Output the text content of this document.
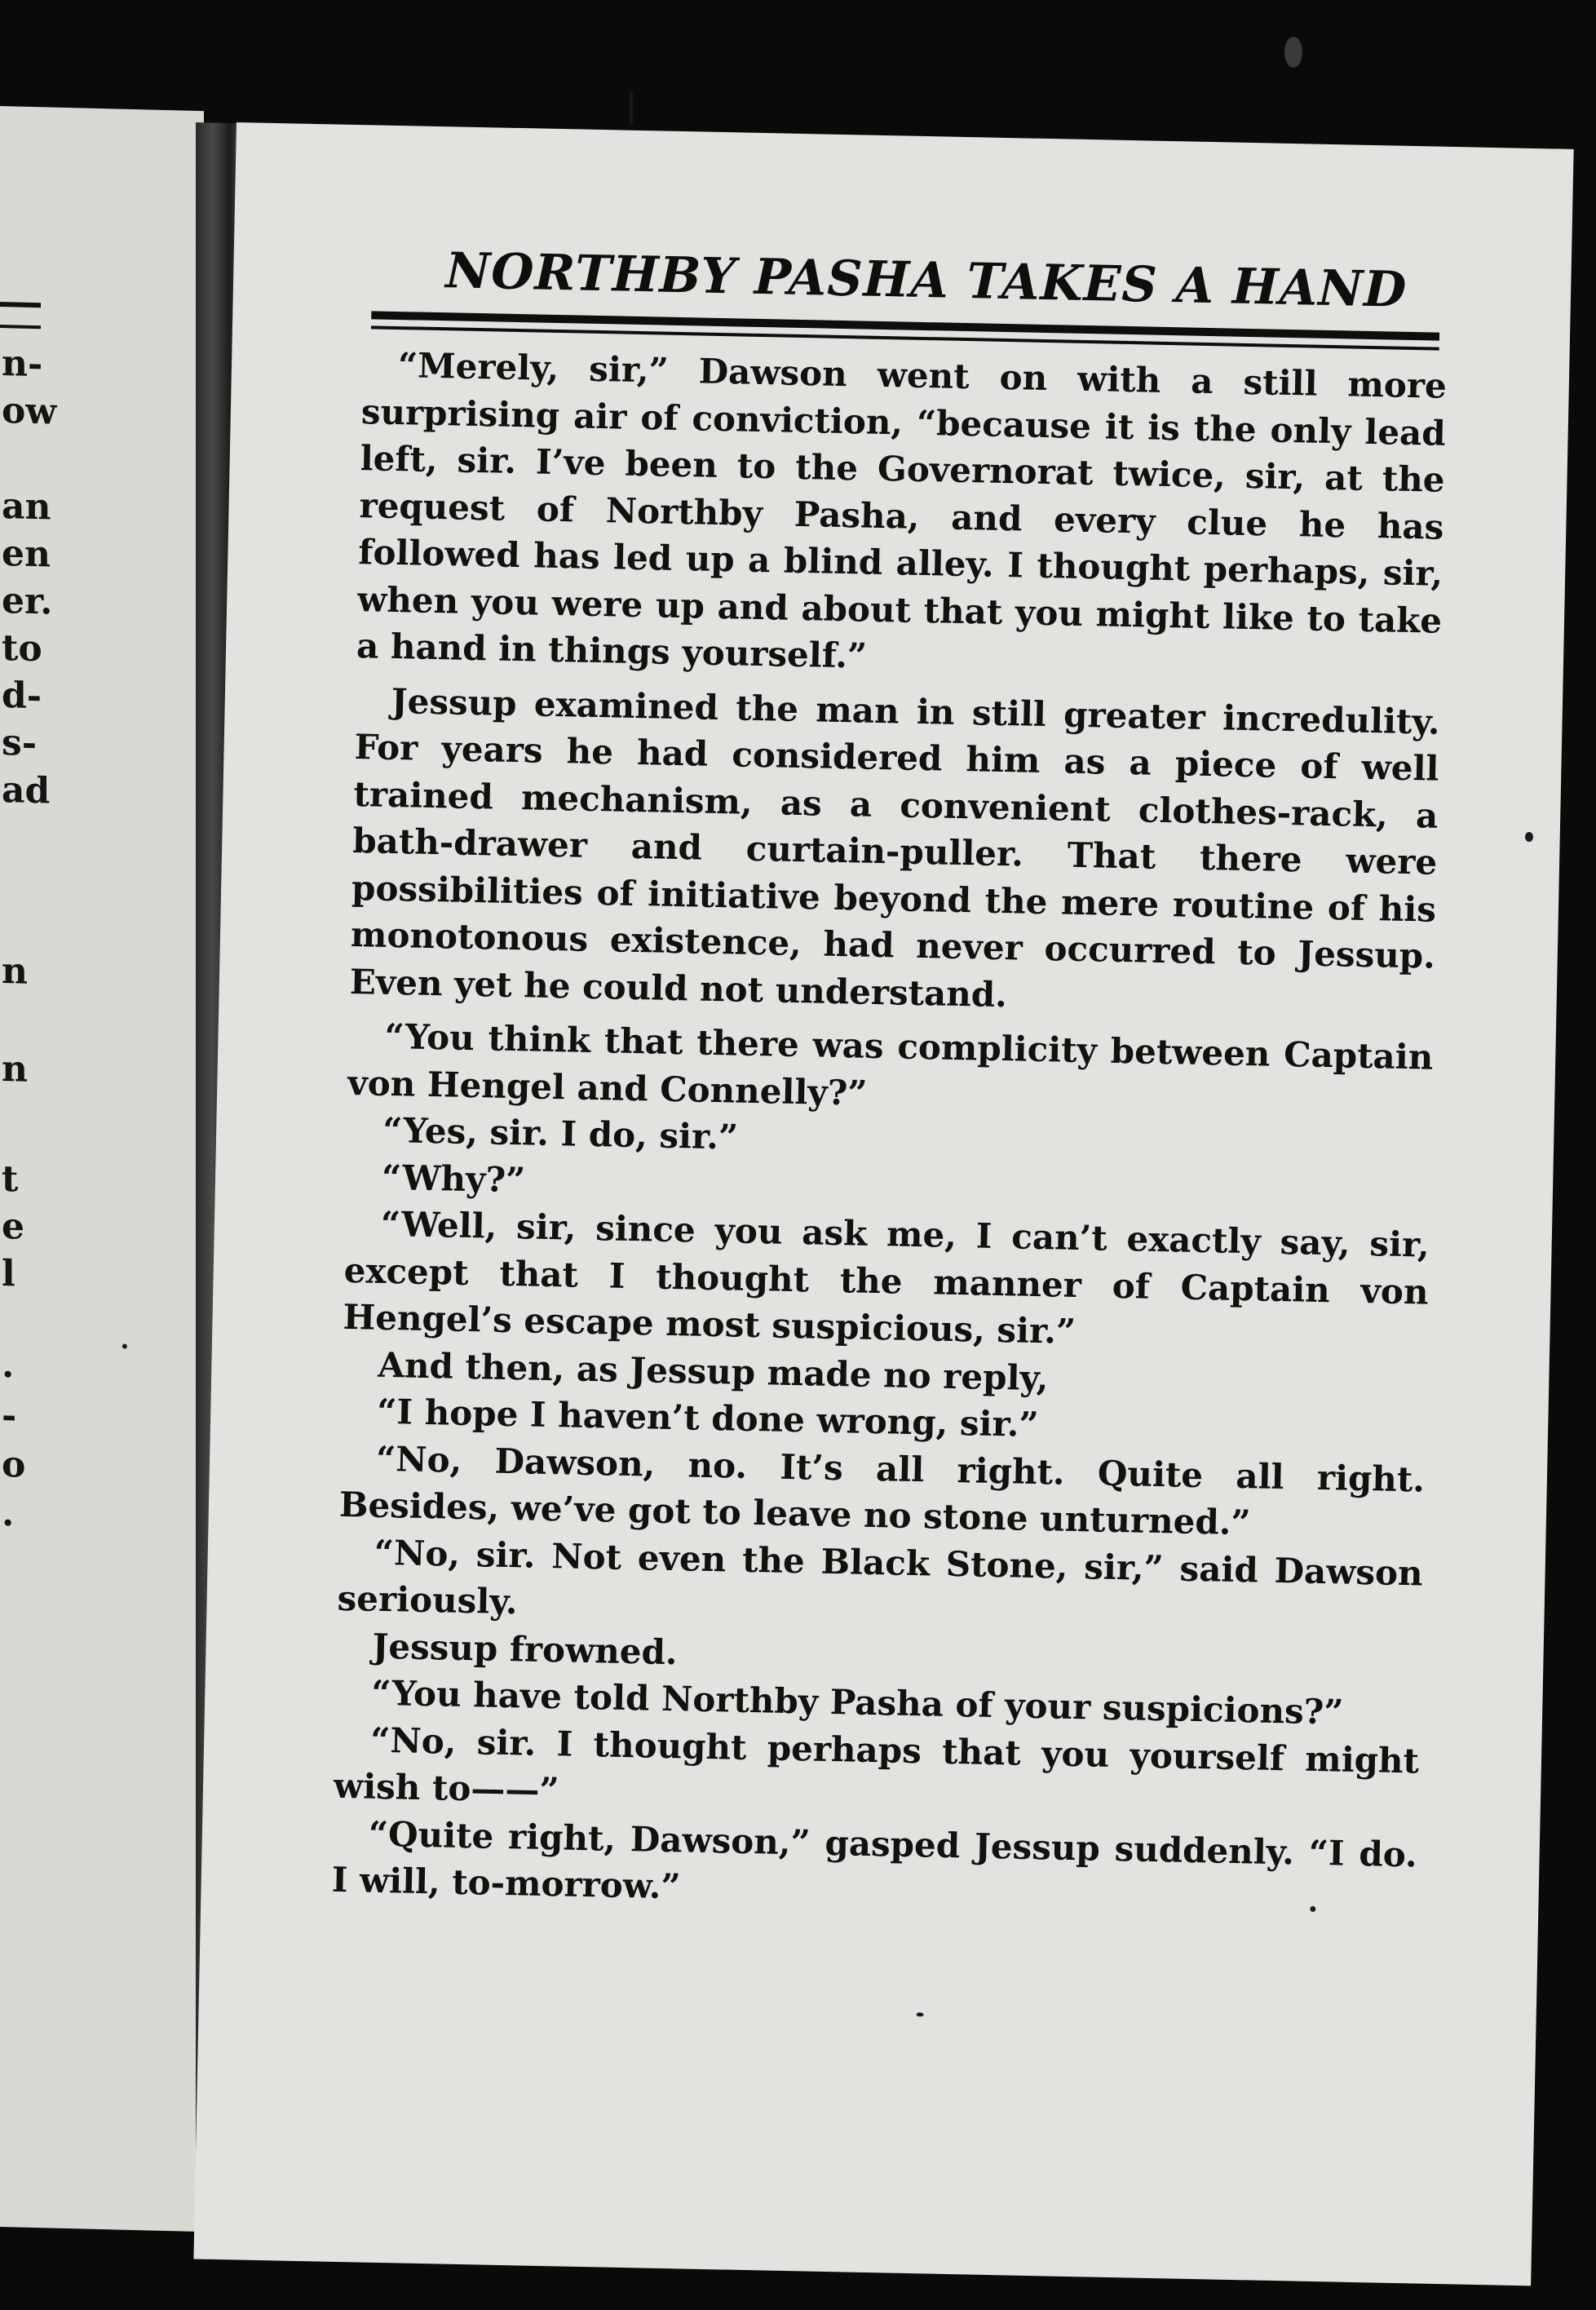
n-
ow
an
en
er.
to
d-
s-
ad
n
n
t
e
l
.
-
o
.
NORTHBY PASHA TAKES A HAND

“Merely, sir,” Dawson went on with a still more surprising air of conviction, “because it is the only lead left, sir. I’ve been to the Governorat twice, sir, at the request of Northby Pasha, and every clue he has followed has led up a blind alley. I thought perhaps, sir, when you were up and about that you might like to take a hand in things yourself.”

Jessup examined the man in still greater incredulity. For years he had considered him as a piece of well trained mechanism, as a convenient clothes-rack, a bath-drawer and curtain-puller. That there were possibilities of initiative beyond the mere routine of his monotonous existence, had never occurred to Jessup. Even yet he could not understand.

“You think that there was complicity between Captain von Hengel and Connelly?”

“Yes, sir. I do, sir.”

“Why?”

“Well, sir, since you ask me, I can’t exactly say, sir, except that I thought the manner of Captain von Hengel’s escape most suspicious, sir.”

And then, as Jessup made no reply,

“I hope I haven’t done wrong, sir.”

“No, Dawson, no. It’s all right. Quite all right. Besides, we’ve got to leave no stone unturned.”

“No, sir. Not even the Black Stone, sir,” said Dawson seriously.

Jessup frowned.

“You have told Northby Pasha of your suspicions?”

“No, sir. I thought perhaps that you yourself might wish to——”

“Quite right, Dawson,” gasped Jessup suddenly. “I do. I will, to-morrow.”
